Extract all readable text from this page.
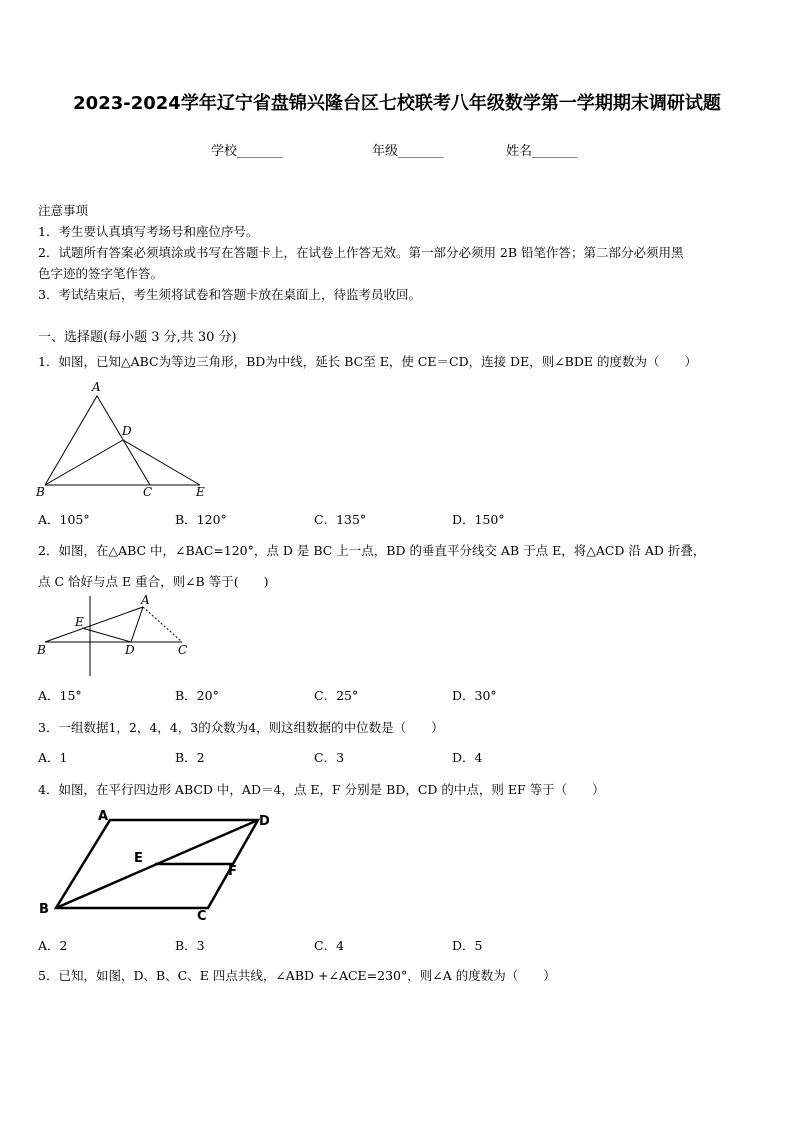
2023-2024学年辽宁省盘锦兴隆台区七校联考八年级数学第一学期期末调研试题
学校_______	年级_______	姓名_______
注意事项
1．考生要认真填写考场号和座位序号。
2．试题所有答案必须填涂或书写在答题卡上，在试卷上作答无效。第一部分必须用 2B 铅笔作答；第二部分必须用黑
色字迹的签字笔作答。
3．考试结束后，考生须将试卷和答题卡放在桌面上，待监考员收回。
一、选择题(每小题 3 分,共 30 分)
1．如图，已知△ABC为等边三角形，BD为中线，延长 BC至 E，使 CE＝CD，连接 DE，则∠BDE 的度数为（　　）
A
D
B	C	E
A．105°	B．120°	C．135°	D．150°
2．如图，在△ABC 中，∠BAC=120°，点 D 是 BC 上一点，BD 的垂直平分线交 AB 于点 E，将△ACD 沿 AD 折叠，
点 C 恰好与点 E 重合，则∠B 等于(　　)
A
E
B	D	C
A．15°	B．20°	C．25°	D．30°
3．一组数据1，2，4，4，3的众数为4，则这组数据的中位数是（　　）
A．1	B．2	C．3	D．4
4．如图，在平行四边形 ABCD 中，AD＝4，点 E，F 分别是 BD，CD 的中点，则 EF 等于（　　）
A	D
E
F
B	C
A．2	B．3	C．4	D．5
5．已知，如图，D、B、C、E 四点共线，∠ABD +∠ACE=230°，则∠A 的度数为（　　）
